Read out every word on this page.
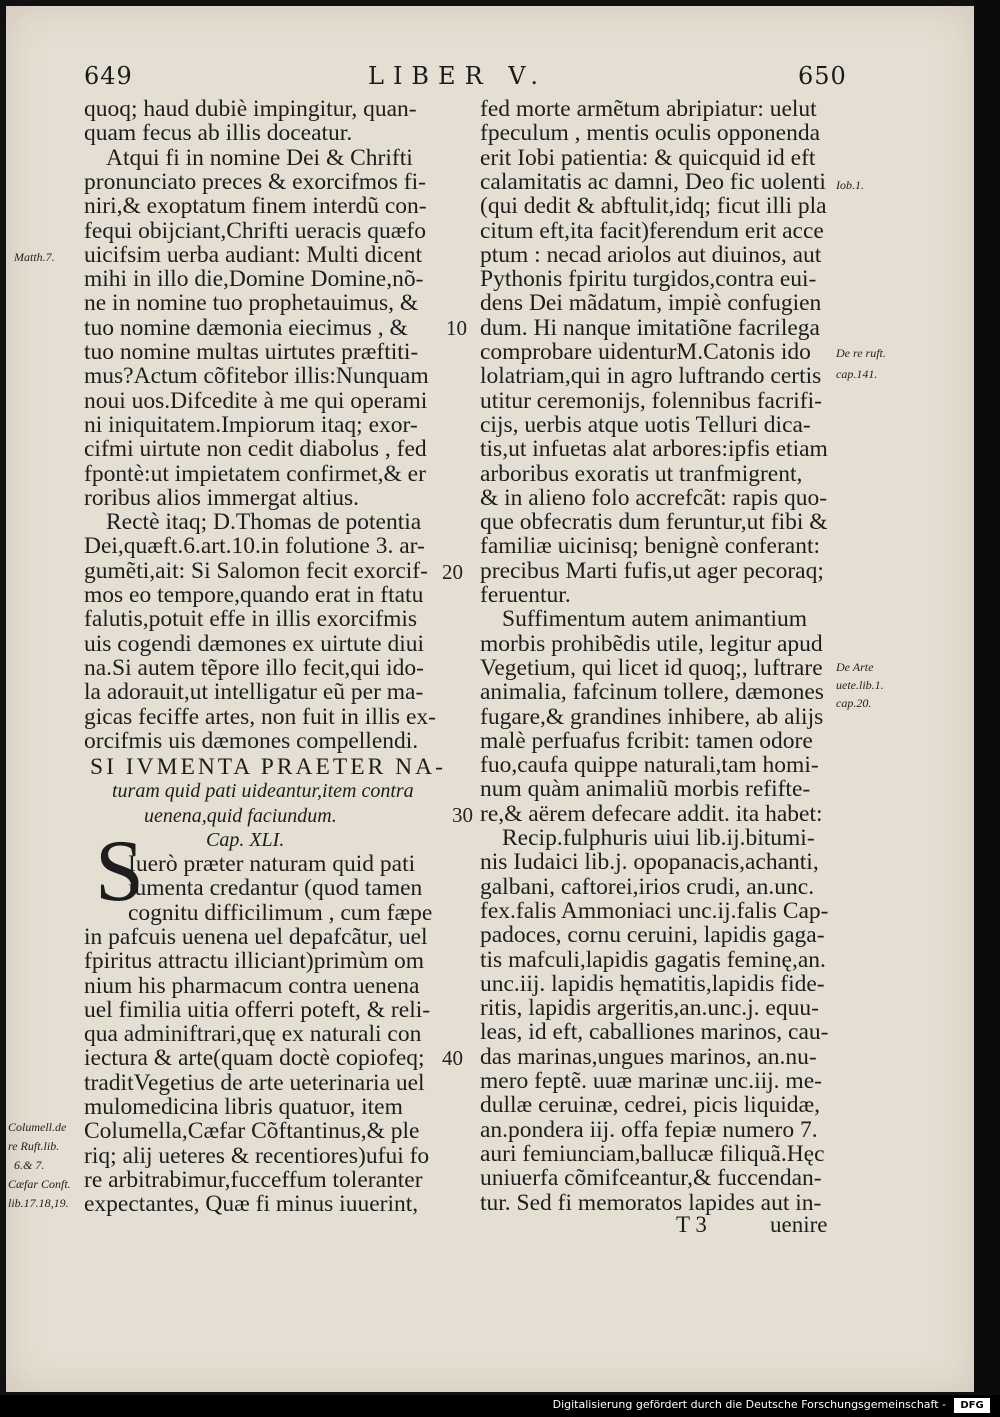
649	LIBER V.	650
quoq; haud dubiè impingitur, quan-
quam fecus ab illis doceatur.
Atqui fi in nomine Dei & Chrifti
pronunciato preces & exorcifmos fi-
niri,& exoptatum finem interdũ con-
fequi obijciant,Chrifti ueracis quæfo
uicifsim uerba audiant: Multi dicent
mihi in illo die,Domine Domine,nõ-
ne in nomine tuo prophetauimus, &
tuo nomine dæmonia eiecimus , &
tuo nomine multas uirtutes præftiti-
mus?Actum cõfitebor illis:Nunquam
noui uos.Difcedite à me qui operami
ni iniquitatem.Impiorum itaq; exor-
cifmi uirtute non cedit diabolus , fed
fpontè:ut impietatem confirmet,& er
roribus alios immergat altius.
Rectè itaq; D.Thomas de potentia
Dei,quæft.6.art.10.in folutione 3. ar-
gumẽti,ait: Si Salomon fecit exorcif-
mos eo tempore,quando erat in ftatu
falutis,potuit effe in illis exorcifmis
uis cogendi dæmones ex uirtute diui
na.Si autem tẽpore illo fecit,qui ido-
la adorauit,ut intelligatur eũ per ma-
gicas feciffe artes, non fuit in illis ex-
orcifmis uis dæmones compellendi.
SI IVMENTA PRAETER NA-
turam quid pati uideantur,item contra
uenena,quid faciundum.
Cap. XLI.
Iuerò præter naturam quid pati
iumenta credantur (quod tamen
cognitu difficilimum , cum fæpe
in pafcuis uenena uel depafcãtur, uel
fpiritus attractu illiciant)primùm om
nium his pharmacum contra uenena
uel fimilia uitia offerri poteft, & reli-
qua adminiftrari,quę ex naturali con
iectura & arte(quam doctè copiofeq;
traditVegetius de arte ueterinaria uel
mulomedicina libris quatuor, item
Columella,Cæfar Cõftantinus,& ple
riq; alij ueteres & recentiores)ufui fo
re arbitrabimur,fucceffum toleranter
expectantes, Quæ fi minus iuuerint,
fed morte armẽtum abripiatur: uelut
fpeculum , mentis oculis opponenda
erit Iobi patientia: & quicquid id eft
calamitatis ac damni, Deo fic uolenti
(qui dedit & abftulit,idq; ficut illi pla
citum eft,ita facit)ferendum erit acce
ptum : necad ariolos aut diuinos, aut
Pythonis fpiritu turgidos,contra eui-
dens Dei mãdatum, impiè confugien
dum. Hi nanque imitatiõne facrilega
comprobare uidenturM.Catonis ido
lolatriam,qui in agro luftrando certis
utitur ceremonijs, folennibus facrifi-
cijs, uerbis atque uotis Telluri dica-
tis,ut infuetas alat arbores:ipfis etiam
arboribus exoratis ut tranfmigrent,
& in alieno folo accrefcãt: rapis quo-
que obfecratis dum feruntur,ut fibi &
familiæ uicinisq; benignè conferant:
precibus Marti fufis,ut ager pecoraq;
feruentur.
Suffimentum autem animantium
morbis prohibẽdis utile, legitur apud
Vegetium, qui licet id quoq;, luftrare
animalia, fafcinum tollere, dæmones
fugare,& grandines inhibere, ab alijs
malè perfuafus fcribit: tamen odore
fuo,caufa quippe naturali,tam homi-
num quàm animaliũ morbis refifte-
re,& aërem defecare addit. ita habet:
Recip.fulphuris uiui lib.ij.bitumi-
nis Iudaici lib.j. opopanacis,achanti,
galbani, caftorei,irios crudi, an.unc.
fex.falis Ammoniaci unc.ij.falis Cap-
padoces, cornu ceruini, lapidis gaga-
tis mafculi,lapidis gagatis feminę,an.
unc.iij. lapidis hęmatitis,lapidis fide-
ritis, lapidis argeritis,an.unc.j. equu-
leas, id eft, caballiones marinos, cau-
das marinas,ungues marinos, an.nu-
mero feptẽ. uuæ marinæ unc.iij. me-
dullæ ceruinæ, cedrei, picis liquidæ,
an.pondera iij. offa fepiæ numero 7.
auri femiunciam,ballucæ filiquã.Hęc
uniuerfa cõmifceantur,& fuccendan-
tur. Sed fi memoratos lapides aut in-
S
10
20
30
40
Matth.7.
Iob.1.
De re ruft.
cap.141.
De Arte
uete.lib.1.
cap.20.
Columell.de
re Ruft.lib.
6.& 7.
Cæfar Conft.
lib.17.18,19.
T 3	uenire
Digitalisierung gefördert durch die Deutsche Forschungsgemeinschaft -	DFG
